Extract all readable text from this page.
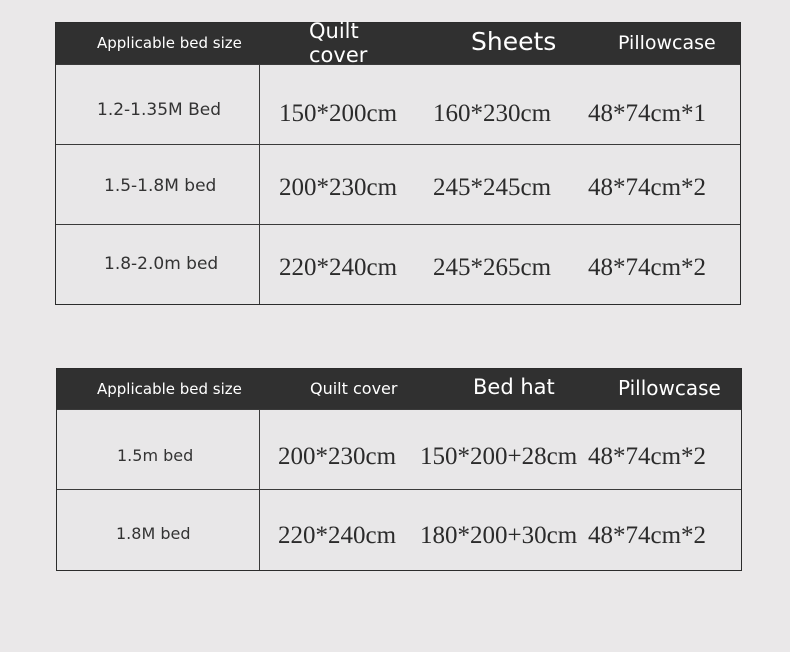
Applicable bed size	Quilt cover	Sheets	Pillowcase
1.2-1.35M Bed 150*200cm 160*230cm 48*74cm*1
1.5-1.8M bed	200*230cm 245*245cm 48*74cm*2
1.8-2.0m bed 220*240cm 245*265cm 48*74cm*2
Applicable bed size	Quilt cover	Bed hat	Pillowcase
1.5m bed	200*230cm 150*200+28cm 48*74cm*2
1.8M bed	220*240cm 180*200+30cm 48*74cm*2
